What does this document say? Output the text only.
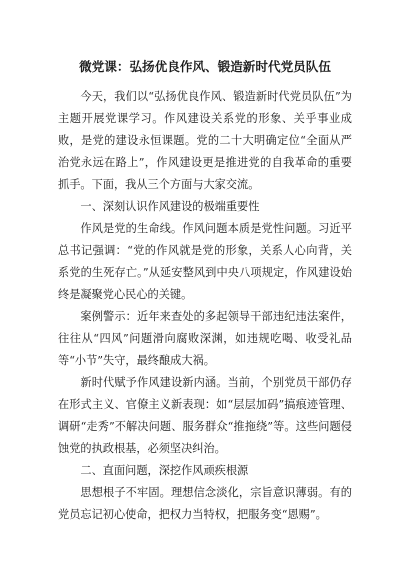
微党课：弘扬优良作风、锻造新时代党员队伍

今天，我们以“弘扬优良作风、锻造新时代党员队伍”为主题开展党课学习。作风建设关系党的形象、关乎事业成败，是党的建设永恒课题。党的二十大明确定位“全面从严治党永远在路上”，作风建设更是推进党的自我革命的重要抓手。下面，我从三个方面与大家交流。

一、深刻认识作风建设的极端重要性

作风是党的生命线。作风问题本质是党性问题。习近平总书记强调：“党的作风就是党的形象，关系人心向背，关系党的生死存亡。”从延安整风到中央八项规定，作风建设始终是凝聚党心民心的关键。

案例警示：近年来查处的多起领导干部违纪违法案件，往往从“四风”问题滑向腐败深渊，如违规吃喝、收受礼品等“小节”失守，最终酿成大祸。

新时代赋予作风建设新内涵。当前，个别党员干部仍存在形式主义、官僚主义新表现：如“层层加码”搞痕迹管理、调研“走秀”不解决问题、服务群众“推拖绕”等。这些问题侵蚀党的执政根基，必须坚决纠治。

二、直面问题，深挖作风顽疾根源

思想根子不牢固。理想信念淡化，宗旨意识薄弱。有的党员忘记初心使命，把权力当特权，把服务变“恩赐”。
